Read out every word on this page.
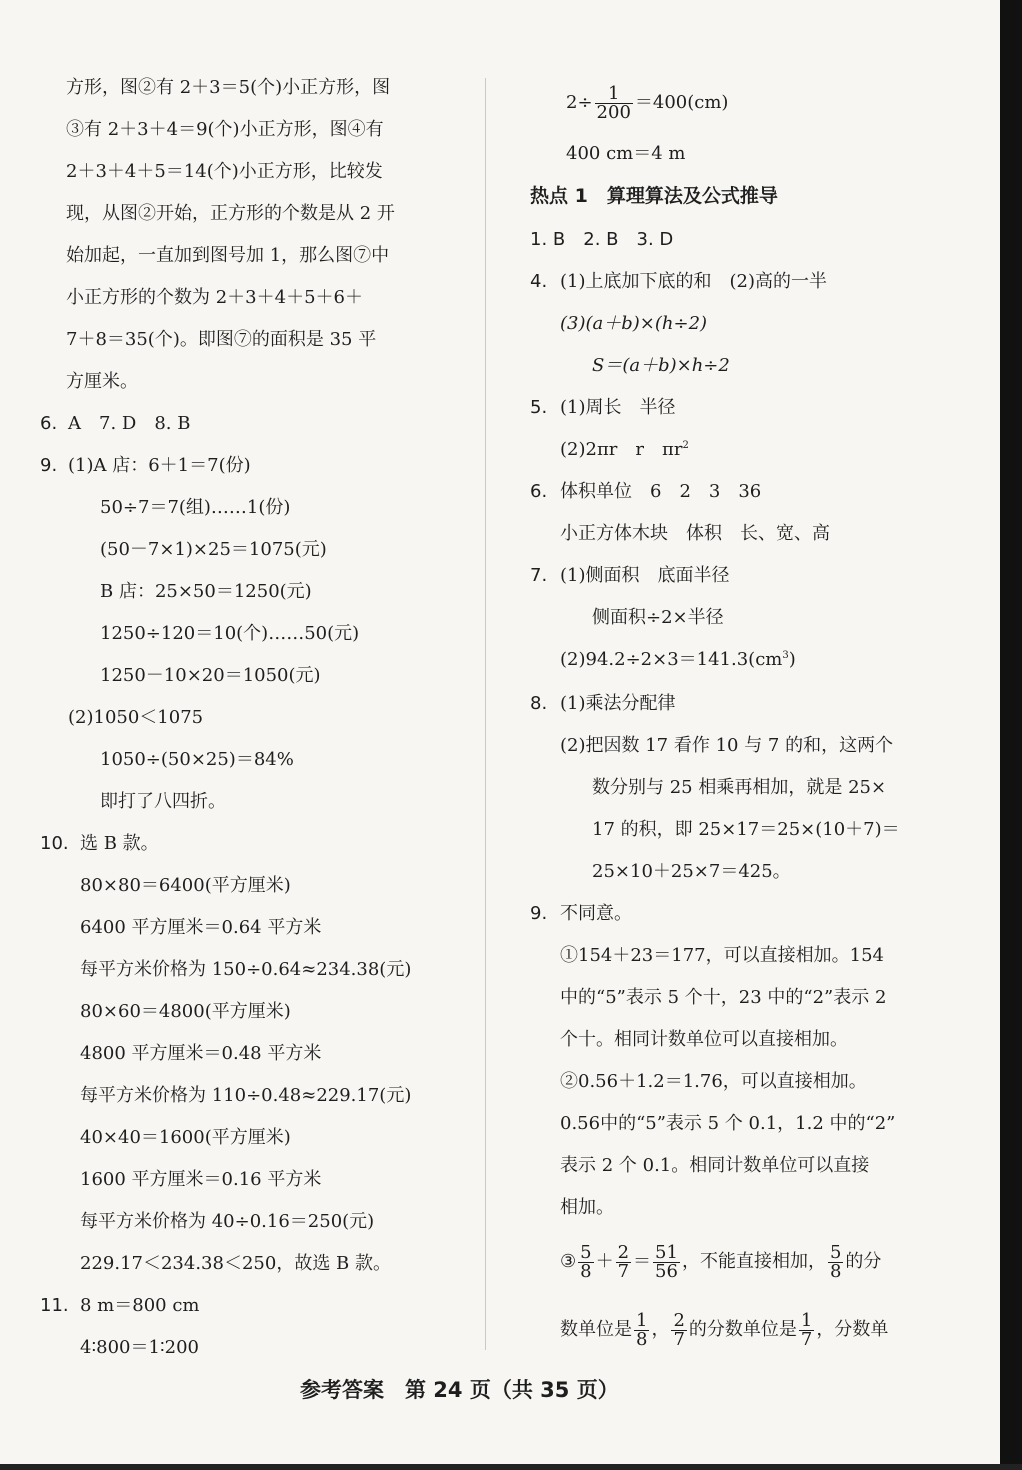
方形，图②有 2＋3＝5(个)小正方形，图
③有 2＋3＋4＝9(个)小正方形，图④有
2＋3＋4＋5＝14(个)小正方形，比较发
现，从图②开始，正方形的个数是从 2 开
始加起，一直加到图号加 1，那么图⑦中
小正方形的个数为 2＋3＋4＋5＋6＋
7＋8＝35(个)。即图⑦的面积是 35 平
方厘米。
6. A　7. D　8. B
9. (1)A 店：6＋1＝7(份)
50÷7＝7(组)……1(份)
(50－7×1)×25＝1075(元)
B 店：25×50＝1250(元)
1250÷120＝10(个)……50(元)
1250－10×20＝1050(元)
(2)1050＜1075
1050÷(50×25)＝84%
即打了八四折。
10. 选 B 款。
80×80＝6400(平方厘米)
6400 平方厘米＝0.64 平方米
每平方米价格为 150÷0.64≈234.38(元)
80×60＝4800(平方厘米)
4800 平方厘米＝0.48 平方米
每平方米价格为 110÷0.48≈229.17(元)
40×40＝1600(平方厘米)
1600 平方厘米＝0.16 平方米
每平方米价格为 40÷0.16＝250(元)
229.17＜234.38＜250，故选 B 款。
11. 8 m＝800 cm
4∶800＝1∶200
$2\div \frac{1}{200} =400(cm)$
400 cm＝4 m
热点 1　算理算法及公式推导
1. B　2. B　3. D
4. (1)上底加下底的和　(2)高的一半
(3)(a＋b)×(h÷2)
S＝(a＋b)×h÷2
5. (1)周长　半径
(2)2πr　r　$\pi r^2$
6. 体积单位　6　2　3　36
小正方体木块　体积　长、宽、高
7. (1)侧面积　底面半径
侧面积÷2×半径
$(2)94.2\div 2\times 3=141.3(cm^3)$
8. (1)乘法分配律
(2)把因数 17 看作 10 与 7 的和，这两个
数分别与 25 相乘再相加，就是 25×
17 的积，即 25×17＝25×(10＋7)＝
25×10＋25×7＝425。
9. 不同意。
①154＋23＝177，可以直接相加。154
中的“5”表示 5 个十，23 中的“2”表示 2
个十。相同计数单位可以直接相加。
②0.56＋1.2＝1.76，可以直接相加。
0.56中的“5”表示 5 个 0.1，1.2 中的“2”
表示 2 个 0.1。相同计数单位可以直接
相加。
③ $\frac{5}{8} + \frac{2}{7} = \frac{51}{56}$ ，不能直接相加， $\frac{5}{8}$ 的分
数单位是 $\frac{1}{8}$ ， $\frac{2}{7}$ 的分数单位是 $\frac{1}{7}$ ，分数单
参考答案　第 24 页（共 35 页）
